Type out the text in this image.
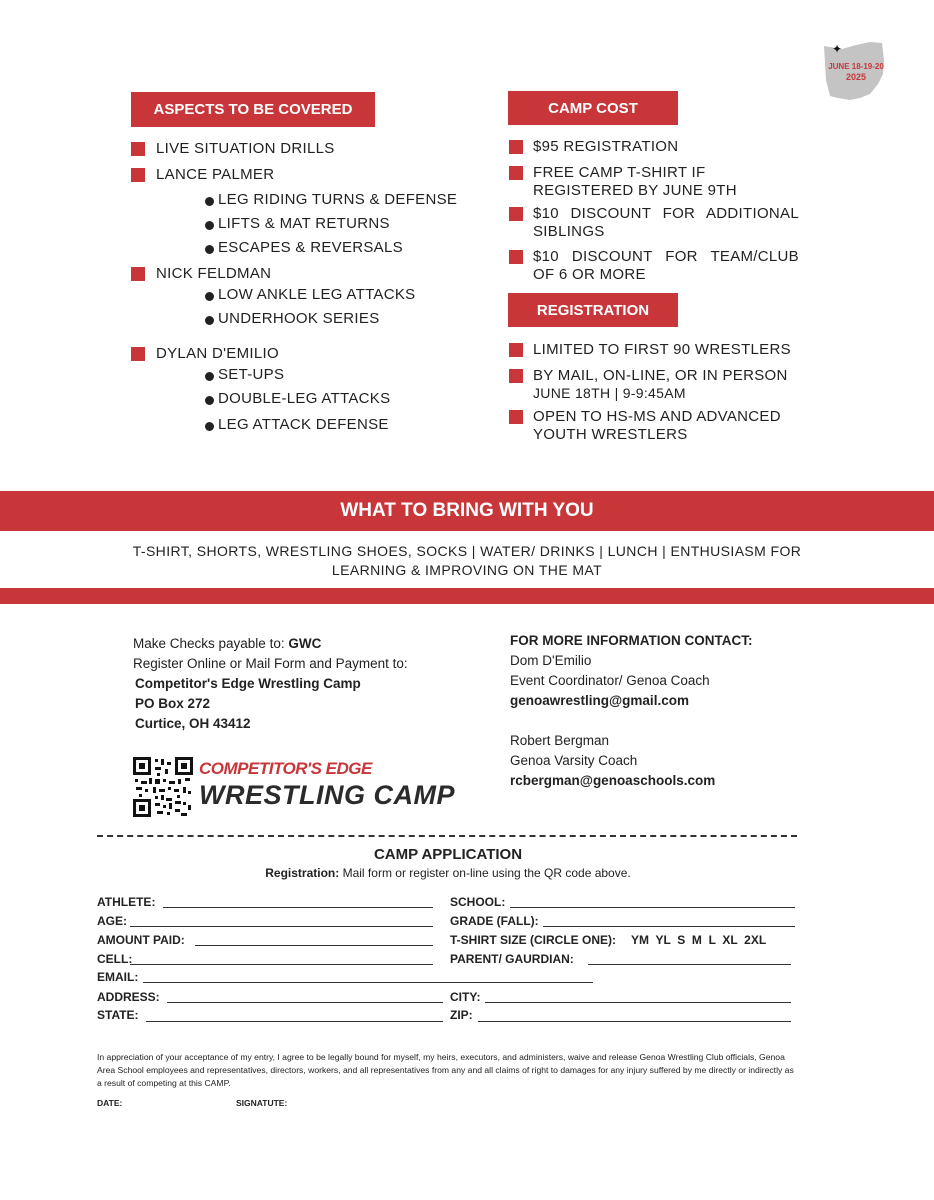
✦
JUNE 18-19-20
2025
ASPECTS TO BE COVERED
LIVE SITUATION DRILLS
LANCE PALMER
LEG RIDING TURNS & DEFENSE
LIFTS & MAT RETURNS
ESCAPES & REVERSALS
NICK FELDMAN
LOW ANKLE LEG ATTACKS
UNDERHOOK SERIES
DYLAN D'EMILIO
SET-UPS
DOUBLE-LEG ATTACKS
LEG ATTACK DEFENSE
CAMP COST
$95 REGISTRATION
FREE CAMP T-SHIRT IF
REGISTERED BY JUNE 9TH
$10 DISCOUNT FOR ADDITIONAL
SIBLINGS
$10 DISCOUNT FOR TEAM/CLUB
OF 6 OR MORE
REGISTRATION
LIMITED TO FIRST 90 WRESTLERS
BY MAIL, ON-LINE, OR IN PERSON
JUNE 18TH | 9-9:45AM
OPEN TO HS-MS AND ADVANCED
YOUTH WRESTLERS
WHAT TO BRING WITH YOU
T-SHIRT, SHORTS, WRESTLING SHOES, SOCKS | WATER/ DRINKS | LUNCH | ENTHUSIASM FOR
LEARNING & IMPROVING ON THE MAT
Make Checks payable to: GWC
Register Online or Mail Form and Payment to:
Competitor's Edge Wrestling Camp
PO Box 272
Curtice, OH 43412
FOR MORE INFORMATION CONTACT:
Dom D'Emilio
Event Coordinator/ Genoa Coach
genoawrestling@gmail.com
Robert Bergman
Genoa Varsity Coach
rcbergman@genoaschools.com
COMPETITOR'S EDGE
WRESTLING CAMP
CAMP APPLICATION
Registration: Mail form or register on-line using the QR code above.
ATHLETE:	SCHOOL:
AGE:	GRADE (FALL):
AMOUNT PAID:	T-SHIRT SIZE (CIRCLE ONE): YM  YL  S  M  L  XL  2XL
CELL:	PARENT/ GAURDIAN:
EMAIL:
ADDRESS:	CITY:
STATE:	ZIP:
In appreciation of your acceptance of my entry, I agree to be legally bound for myself, my heirs, executors, and administers, waive and release Genoa Wrestling Club officials, Genoa Area School employees and representatives, directors, workers, and all representatives from any and all claims of right to damages for any injury suffered by me directly or indirectly as a result of competing at this CAMP.
DATE:	SIGNATUTE:
